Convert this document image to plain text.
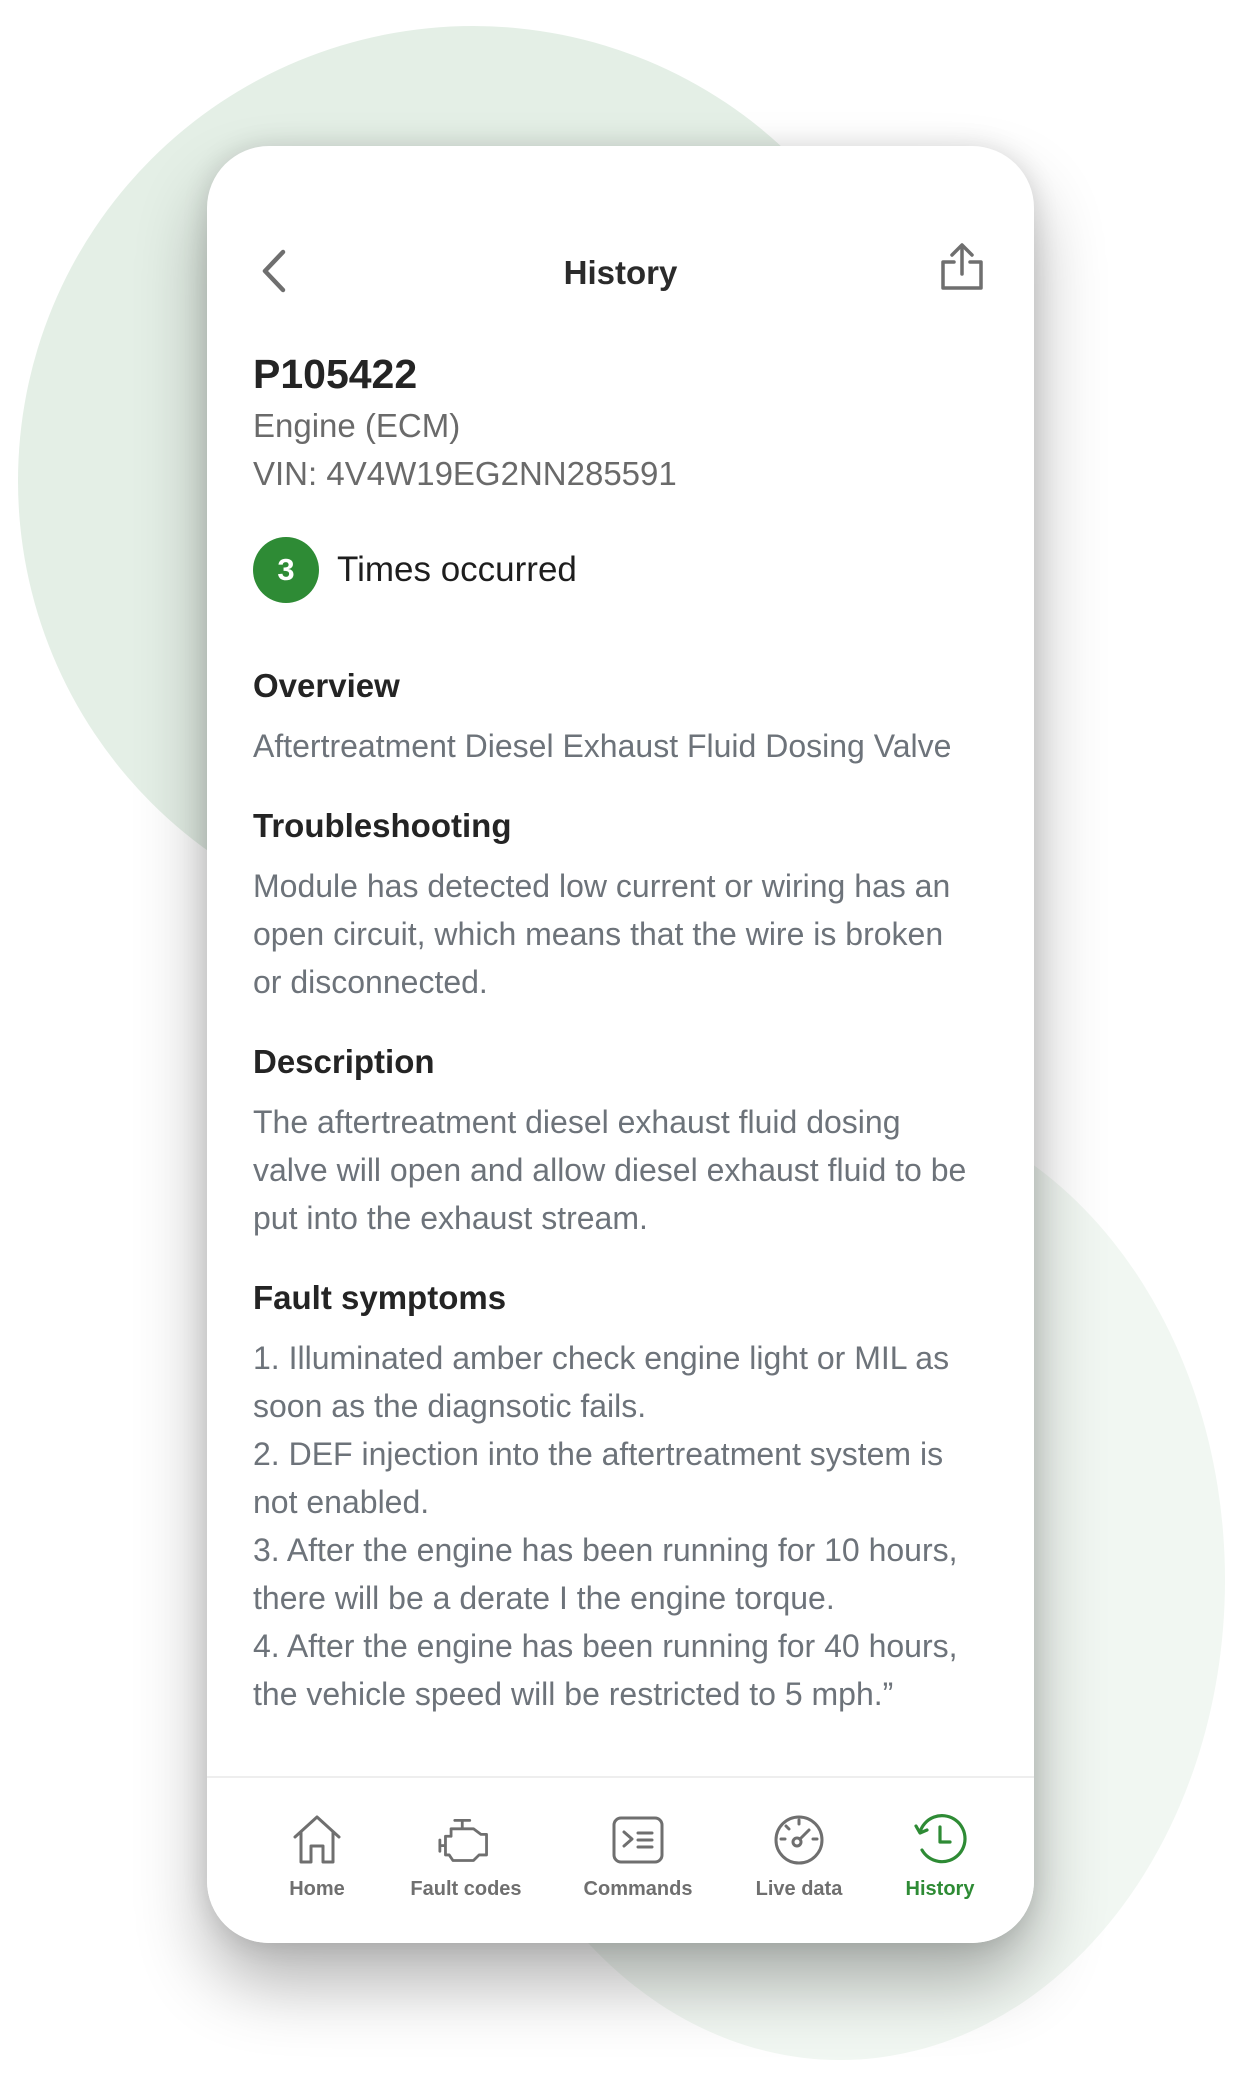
History
P105422
Engine (ECM)
VIN: 4V4W19EG2NN285591
3	Times occurred
Overview
Aftertreatment Diesel Exhaust Fluid Dosing Valve
Troubleshooting
Module has detected low current or wiring has an
open circuit, which means that the wire is broken
or disconnected.
Description
The aftertreatment diesel exhaust fluid dosing
valve will open and allow diesel exhaust fluid to be
put into the exhaust stream.
Fault symptoms
1. Illuminated amber check engine light or MIL as
soon as the diagnsotic fails.
2. DEF injection into the aftertreatment system is
not enabled.
3. After the engine has been running for 10 hours,
there will be a derate I the engine torque.
4. After the engine has been running for 40 hours,
the vehicle speed will be restricted to 5 mph.”
Home	Fault codes	Commands	Live data	History
